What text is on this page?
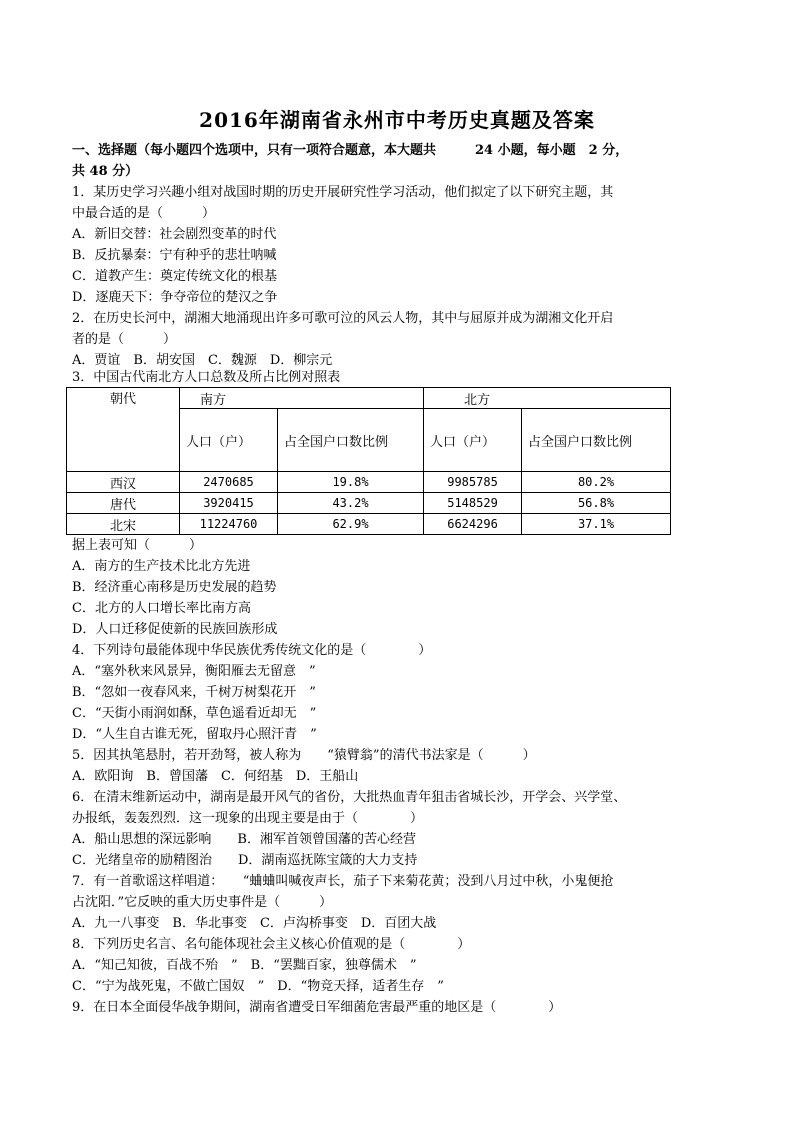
2016年湖南省永州市中考历史真题及答案
一、选择题（每小题四个选项中，只有一项符合题意，本大题共　　　24 小题，每小题　2 分，
共 48 分）
1．某历史学习兴趣小组对战国时期的历史开展研究性学习活动，他们拟定了以下研究主题，其
中最合适的是（　　　）
A．新旧交替：社会剧烈变革的时代
B．反抗暴秦：宁有种乎的悲壮呐喊
C．道教产生：奠定传统文化的根基
D．逐鹿天下：争夺帝位的楚汉之争
2．在历史长河中，湖湘大地涌现出许多可歌可泣的风云人物，其中与屈原并成为湖湘文化开启
者的是（　　　）
A．贾谊　B．胡安国　C．魏源　D．柳宗元
3．中国古代南北方人口总数及所占比例对照表
朝代	南方		北方	
	人口（户）	占全国户口数比例	人口（户）	占全国户口数比例
西汉	2470685	19.8%	9985785	80.2%
唐代	3920415	43.2%	5148529	56.8%
北宋	11224760	62.9%	6624296	37.1%
据上表可知（　　　）
A．南方的生产技术比北方先进
B．经济重心南移是历史发展的趋势
C．北方的人口增长率比南方高
D．人口迁移促使新的民族回族形成
4．下列诗句最能体现中华民族优秀传统文化的是（　　　　）
A．“塞外秋来风景异，衡阳雁去无留意　”
B．“忽如一夜春风来，千树万树梨花开　”
C．“天街小雨润如酥，草色遥看近却无　”
D．“人生自古谁无死，留取丹心照汗青　”
5．因其执笔悬肘，若开劲弩，被人称为　　“猿臂翁”的清代书法家是（　　　）
A．欧阳询　B．曾国藩　C．何绍基　D．王船山
6．在清末维新运动中，湖南是最开风气的省份，大批热血青年狙击省城长沙，开学会、兴学堂、
办报纸，轰轰烈烈．这一现象的出现主要是由于（　　　　）
A．船山思想的深远影响　　B．湘军首领曾国藩的苦心经营
C．光绪皇帝的励精图治　　D．湖南巡抚陈宝箴的大力支持
7．有一首歌谣这样唱道：　　“蛐蛐叫喊夜声长，茄子下来菊花黄；没到八月过中秋，小鬼便抢
占沈阳．”它反映的重大历史事件是（　　　）
A．九一八事变　B．华北事变　C．卢沟桥事变　D．百团大战
8．下列历史名言、名句能体现社会主义核心价值观的是（　　　　）
A．“知己知彼，百战不殆　”　B．“罢黜百家，独尊儒术　”
C．“宁为战死鬼，不做亡国奴　”　D．“物竞天择，适者生存　”
9．在日本全面侵华战争期间，湖南省遭受日军细菌危害最严重的地区是（　　　　）
